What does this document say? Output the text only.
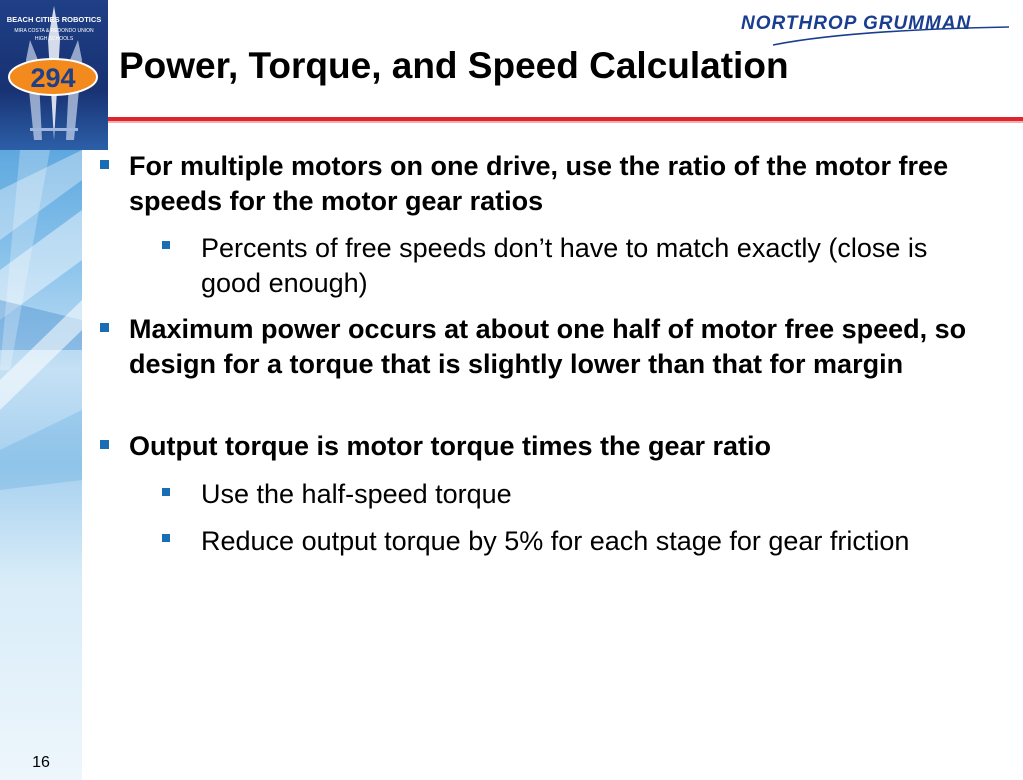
294
BEACH CITIES ROBOTICS
MIRA COSTA & REDONDO UNION
HIGH SCHOOLS
NORTHROP GRUMMAN
Power, Torque, and Speed Calculation
For multiple motors on one drive, use the ratio of the motor free speeds for the motor gear ratios
Percents of free speeds don’t have to match exactly (close is good enough)
Maximum power occurs at about one half of motor free speed, so design for a torque that is slightly lower than that for margin
Output torque is motor torque times the gear ratio
Use the half-speed torque
Reduce output torque by 5% for each stage for gear friction
16
